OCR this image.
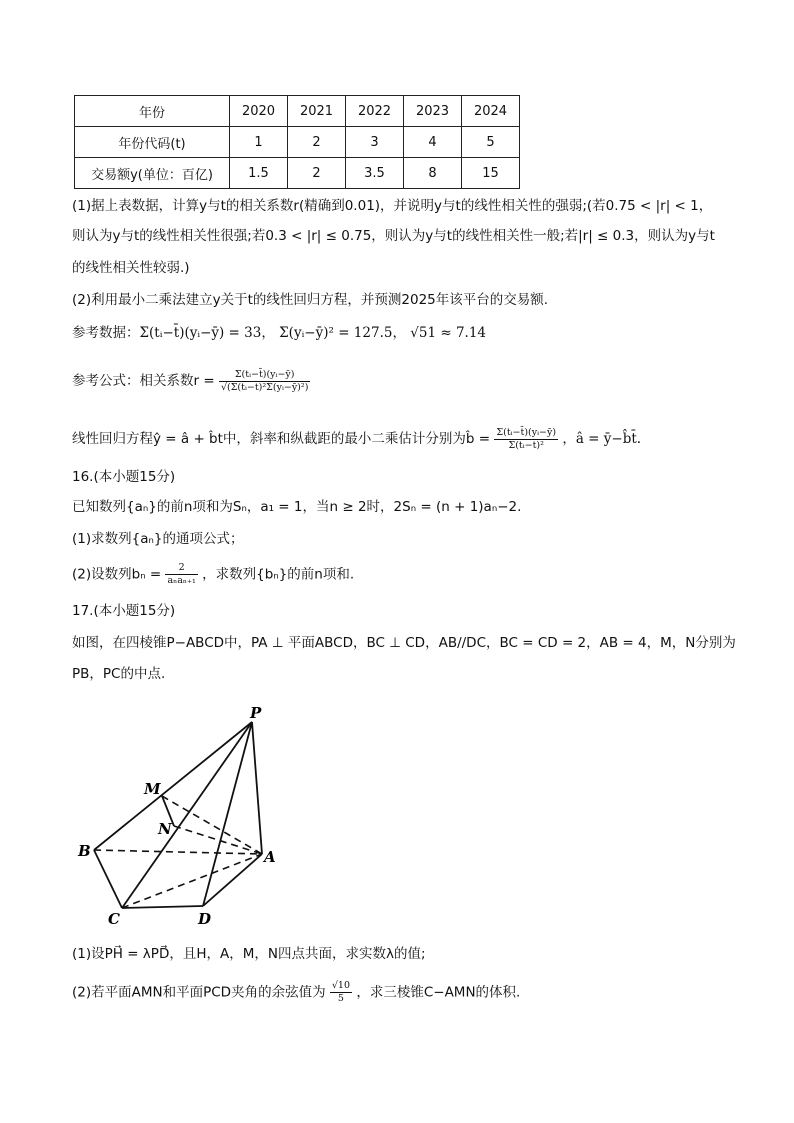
年份	2020	2021	2022	2023	2024
年份代码(t)	1	2	3	4	5
交易额y(单位：百亿)	1.5	2	3.5	8	15
(1)据上表数据，计算y与t的相关系数r(精确到0.01)，并说明y与t的线性相关性的强弱;(若0.75 < |r| < 1，
则认为y与t的线性相关性很强;若0.3 < |r| ≤ 0.75，则认为y与t的线性相关性一般;若|r| ≤ 0.3，则认为y与t
的线性相关性较弱.)
(2)利用最小二乘法建立y关于t的线性回归方程，并预测2025年该平台的交易额.
参考数据：Σ(tᵢ−t̄)(yᵢ−ȳ) = 33， Σ(yᵢ−ȳ)² = 127.5， √51 ≈ 7.14
参考公式：相关系数$r = \frac{\text{Σ(tᵢ−t̄)(yᵢ−ȳ)}}{\text{√(Σ(tᵢ−t̄)²Σ(yᵢ−ȳ)²)}}$
线性回归方程ŷ = â + b̂t中，斜率和纵截距的最小二乘估计分别为b̂ = $\frac{\text{Σ(tᵢ−t̄)(yᵢ−ȳ)}}{\text{Σ(tᵢ−t̄)²}}$ ，â = ȳ−b̂t̄.
16.(本小题15分)
已知数列{aₙ}的前n项和为Sₙ，a₁ = 1，当n ≥ 2时，2Sₙ = (n + 1)aₙ−2.
(1)求数列{aₙ}的通项公式；
(2)设数列$b_n = \frac{2}{\text{aₙaₙ₊₁}}$ ，求数列{bₙ}的前n项和.
17.(本小题15分)
如图，在四棱锥P−ABCD中，PA ⊥ 平面ABCD，BC ⊥ CD，AB//DC，BC = CD = 2，AB = 4，M，N分别为
PB，PC的中点.
P
M
N
B	A
C	D
(1)设PH⃗ = λPD⃗，且H，A，M，N四点共面，求实数λ的值;
(2)若平面AMN和平面PCD夹角的余弦值为 $\frac{√10}{5}$ ，求三棱锥C−AMN的体积.
